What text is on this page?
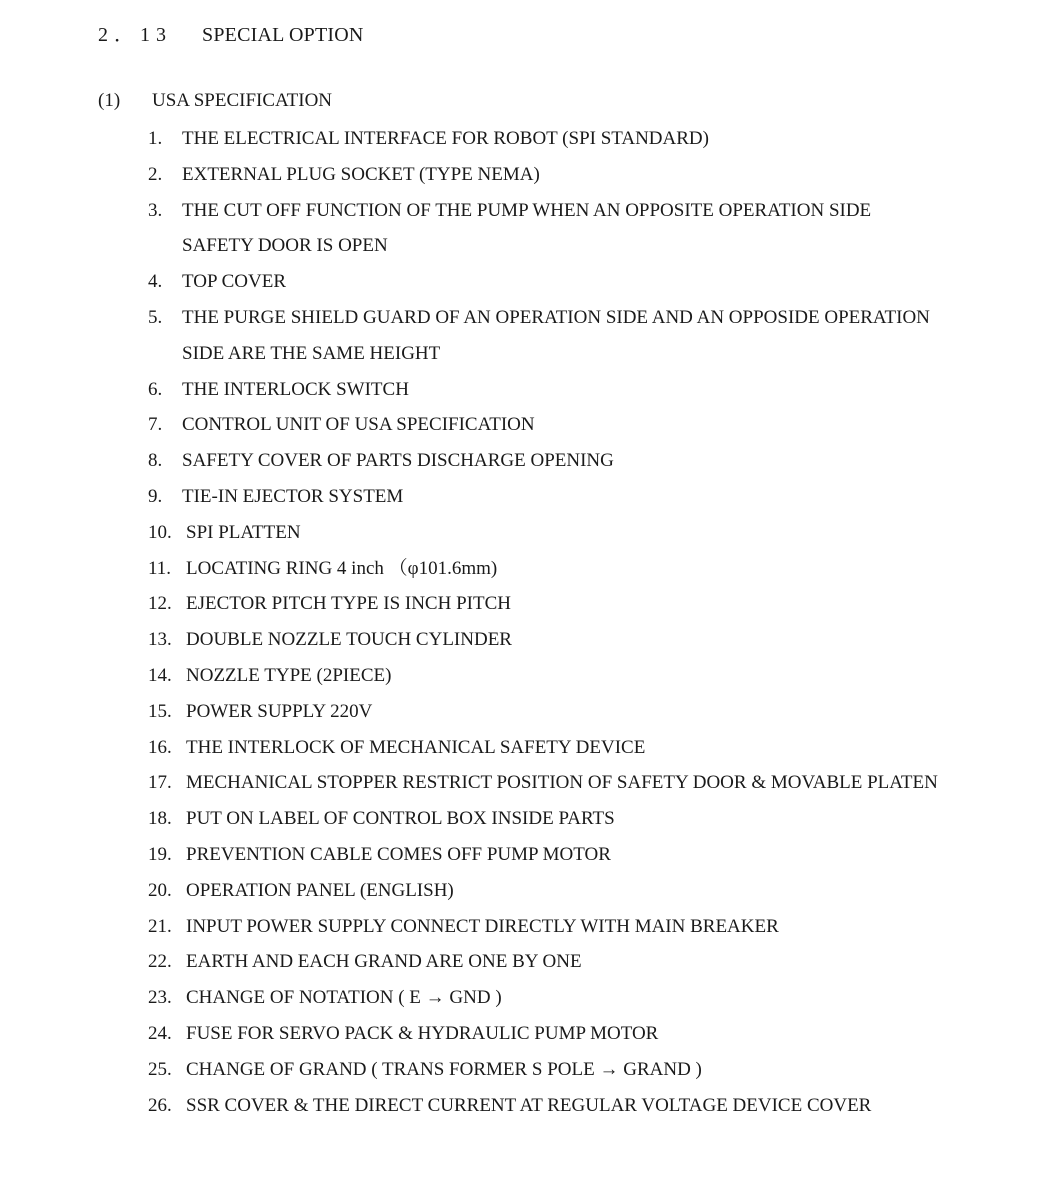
2．13 SPECIAL OPTION
(1) USA SPECIFICATION
1.	THE ELECTRICAL INTERFACE FOR ROBOT (SPI STANDARD)
2.	EXTERNAL PLUG SOCKET (TYPE NEMA)
3.	THE CUT OFF FUNCTION OF THE PUMP WHEN AN OPPOSITE OPERATION SIDE SAFETY DOOR IS OPEN
4.	TOP COVER
5.	THE PURGE SHIELD GUARD OF AN OPERATION SIDE AND AN OPPOSIDE OPERATION SIDE ARE THE SAME HEIGHT
6.	THE INTERLOCK SWITCH
7.	CONTROL UNIT OF USA SPECIFICATION
8.	SAFETY COVER OF PARTS DISCHARGE OPENING
9.	TIE-IN EJECTOR SYSTEM
10. SPI PLATTEN
11. LOCATING RING 4 inch （φ101.6mm)
12. EJECTOR PITCH TYPE IS INCH PITCH
13. DOUBLE NOZZLE TOUCH CYLINDER
14. NOZZLE TYPE (2PIECE)
15. POWER SUPPLY 220V
16. THE INTERLOCK OF MECHANICAL SAFETY DEVICE
17. MECHANICAL STOPPER RESTRICT POSITION OF SAFETY DOOR & MOVABLE PLATEN
18. PUT ON LABEL OF CONTROL BOX INSIDE PARTS
19. PREVENTION CABLE COMES OFF PUMP MOTOR
20. OPERATION PANEL (ENGLISH)
21. INPUT POWER SUPPLY CONNECT DIRECTLY WITH MAIN BREAKER
22. EARTH AND EACH GRAND ARE ONE BY ONE
23. CHANGE OF NOTATION ( E → GND )
24. FUSE FOR SERVO PACK & HYDRAULIC PUMP MOTOR
25. CHANGE OF GRAND ( TRANS FORMER S POLE → GRAND )
26. SSR COVER & THE DIRECT CURRENT AT REGULAR VOLTAGE DEVICE COVER
